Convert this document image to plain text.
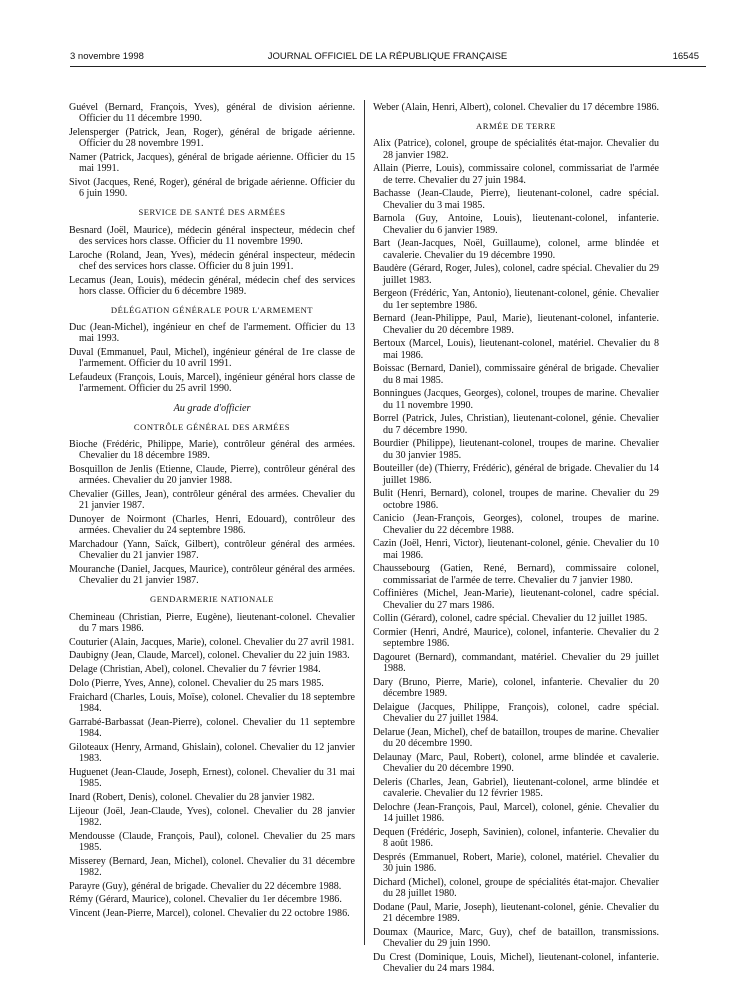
3 novembre 1998	JOURNAL OFFICIEL DE LA RÉPUBLIQUE FRANÇAISE	16545

Guével (Bernard, François, Yves), général de division aérienne. Officier du 11 décembre 1990.

Jelensperger (Patrick, Jean, Roger), général de brigade aérienne. Officier du 28 novembre 1991.

Namer (Patrick, Jacques), général de brigade aérienne. Officier du 15 mai 1991.

Sivot (Jacques, René, Roger), général de brigade aérienne. Officier du 6 juin 1990.

SERVICE DE SANTÉ DES ARMÉES

Besnard (Joël, Maurice), médecin général inspecteur, médecin chef des services hors classe. Officier du 11 novembre 1990.

Laroche (Roland, Jean, Yves), médecin général inspecteur, médecin chef des services hors classe. Officier du 8 juin 1991.

Lecamus (Jean, Louis), médecin général, médecin chef des services hors classe. Officier du 6 décembre 1989.

DÉLÉGATION GÉNÉRALE POUR L'ARMEMENT

Duc (Jean-Michel), ingénieur en chef de l'armement. Officier du 13 mai 1993.

Duval (Emmanuel, Paul, Michel), ingénieur général de 1re classe de l'armement. Officier du 10 avril 1991.

Lefaudeux (François, Louis, Marcel), ingénieur général hors classe de l'armement. Officier du 25 avril 1990.

Au grade d'officier

CONTRÔLE GÉNÉRAL DES ARMÉES

Bioche (Frédéric, Philippe, Marie), contrôleur général des armées. Chevalier du 18 décembre 1989.

Bosquillon de Jenlis (Etienne, Claude, Pierre), contrôleur général des armées. Chevalier du 20 janvier 1988.

Chevalier (Gilles, Jean), contrôleur général des armées. Chevalier du 21 janvier 1987.

Dunoyer de Noirmont (Charles, Henri, Edouard), contrôleur des armées. Chevalier du 24 septembre 1986.

Marchadour (Yann, Saïck, Gilbert), contrôleur général des armées. Chevalier du 21 janvier 1987.

Mouranche (Daniel, Jacques, Maurice), contrôleur général des armées. Chevalier du 21 janvier 1987.

GENDARMERIE NATIONALE

Chemineau (Christian, Pierre, Eugène), lieutenant-colonel. Chevalier du 7 mars 1986.

Couturier (Alain, Jacques, Marie), colonel. Chevalier du 27 avril 1981.

Daubigny (Jean, Claude, Marcel), colonel. Chevalier du 22 juin 1983.

Delage (Christian, Abel), colonel. Chevalier du 7 février 1984.

Dolo (Pierre, Yves, Anne), colonel. Chevalier du 25 mars 1985.

Fraichard (Charles, Louis, Moïse), colonel. Chevalier du 18 septembre 1984.

Garrabé-Barbassat (Jean-Pierre), colonel. Chevalier du 11 septembre 1984.

Giloteaux (Henry, Armand, Ghislain), colonel. Chevalier du 12 janvier 1983.

Huguenet (Jean-Claude, Joseph, Ernest), colonel. Chevalier du 31 mai 1985.

Inard (Robert, Denis), colonel. Chevalier du 28 janvier 1982.

Lijeour (Joël, Jean-Claude, Yves), colonel. Chevalier du 28 janvier 1982.

Mendousse (Claude, François, Paul), colonel. Chevalier du 25 mars 1985.

Misserey (Bernard, Jean, Michel), colonel. Chevalier du 31 décembre 1982.

Parayre (Guy), général de brigade. Chevalier du 22 décembre 1988.

Rémy (Gérard, Maurice), colonel. Chevalier du 1er décembre 1986.

Vincent (Jean-Pierre, Marcel), colonel. Chevalier du 22 octobre 1986.

Weber (Alain, Henri, Albert), colonel. Chevalier du 17 décembre 1986.

ARMÉE DE TERRE

Alix (Patrice), colonel, groupe de spécialités état-major. Chevalier du 28 janvier 1982.

Allain (Pierre, Louis), commissaire colonel, commissariat de l'armée de terre. Chevalier du 27 juin 1984.

Bachasse (Jean-Claude, Pierre), lieutenant-colonel, cadre spécial. Chevalier du 3 mai 1985.

Barnola (Guy, Antoine, Louis), lieutenant-colonel, infanterie. Chevalier du 6 janvier 1989.

Bart (Jean-Jacques, Noël, Guillaume), colonel, arme blindée et cavalerie. Chevalier du 19 décembre 1990.

Baudère (Gérard, Roger, Jules), colonel, cadre spécial. Chevalier du 29 juillet 1983.

Bergeon (Frédéric, Yan, Antonio), lieutenant-colonel, génie. Chevalier du 1er septembre 1986.

Bernard (Jean-Philippe, Paul, Marie), lieutenant-colonel, infanterie. Chevalier du 20 décembre 1989.

Bertoux (Marcel, Louis), lieutenant-colonel, matériel. Chevalier du 8 mai 1986.

Boissac (Bernard, Daniel), commissaire général de brigade. Chevalier du 8 mai 1985.

Bonningues (Jacques, Georges), colonel, troupes de marine. Chevalier du 11 novembre 1990.

Borrel (Patrick, Jules, Christian), lieutenant-colonel, génie. Chevalier du 7 décembre 1990.

Bourdier (Philippe), lieutenant-colonel, troupes de marine. Chevalier du 30 janvier 1985.

Bouteiller (de) (Thierry, Frédéric), général de brigade. Chevalier du 14 juillet 1986.

Bulit (Henri, Bernard), colonel, troupes de marine. Chevalier du 29 octobre 1986.

Canicio (Jean-François, Georges), colonel, troupes de marine. Chevalier du 22 décembre 1988.

Cazin (Joël, Henri, Victor), lieutenant-colonel, génie. Chevalier du 10 mai 1986.

Chaussebourg (Gatien, René, Bernard), commissaire colonel, commissariat de l'armée de terre. Chevalier du 7 janvier 1980.

Coffinières (Michel, Jean-Marie), lieutenant-colonel, cadre spécial. Chevalier du 27 mars 1986.

Collin (Gérard), colonel, cadre spécial. Chevalier du 12 juillet 1985.

Cormier (Henri, André, Maurice), colonel, infanterie. Chevalier du 2 septembre 1986.

Dagouret (Bernard), commandant, matériel. Chevalier du 29 juillet 1988.

Dary (Bruno, Pierre, Marie), colonel, infanterie. Chevalier du 20 décembre 1989.

Delaigue (Jacques, Philippe, François), colonel, cadre spécial. Chevalier du 27 juillet 1984.

Delarue (Jean, Michel), chef de bataillon, troupes de marine. Chevalier du 20 décembre 1990.

Delaunay (Marc, Paul, Robert), colonel, arme blindée et cavalerie. Chevalier du 20 décembre 1990.

Deleris (Charles, Jean, Gabriel), lieutenant-colonel, arme blindée et cavalerie. Chevalier du 12 février 1985.

Delochre (Jean-François, Paul, Marcel), colonel, génie. Chevalier du 14 juillet 1986.

Dequen (Frédéric, Joseph, Savinien), colonel, infanterie. Chevalier du 8 août 1986.

Després (Emmanuel, Robert, Marie), colonel, matériel. Chevalier du 30 juin 1986.

Dichard (Michel), colonel, groupe de spécialités état-major. Chevalier du 28 juillet 1980.

Dodane (Paul, Marie, Joseph), lieutenant-colonel, génie. Chevalier du 21 décembre 1989.

Doumax (Maurice, Marc, Guy), chef de bataillon, transmissions. Chevalier du 29 juin 1990.

Du Crest (Dominique, Louis, Michel), lieutenant-colonel, infanterie. Chevalier du 24 mars 1984.
